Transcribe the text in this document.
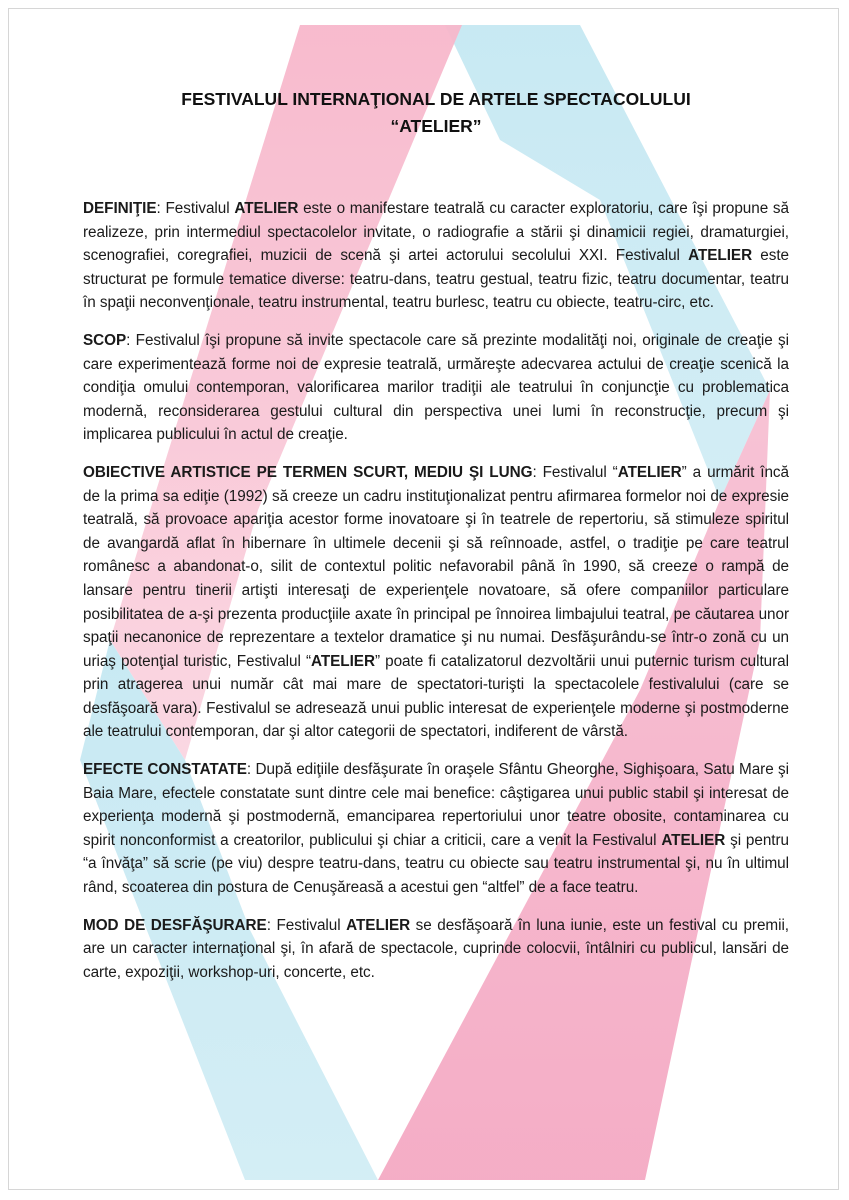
FESTIVALUL INTERNAŢIONAL DE ARTELE SPECTACOLULUI
“ATELIER”

DEFINIŢIE: Festivalul ATELIER este o manifestare teatrală cu caracter exploratoriu, care îşi propune să realizeze, prin intermediul spectacolelor invitate, o radiografie a stării şi dinamicii regiei, dramaturgiei, scenografiei, coregrafiei, muzicii de scenă şi artei actorului secolului XXI. Festivalul ATELIER este structurat pe formule tematice diverse: teatru-dans, teatru gestual, teatru fizic, teatru documentar, teatru în spaţii neconvenţionale, teatru instrumental, teatru burlesc, teatru cu obiecte, teatru-circ, etc.

SCOP: Festivalul îşi propune să invite spectacole care să prezinte modalităţi noi, originale de creaţie şi care experimentează forme noi de expresie teatrală, urmăreşte adecvarea actului de creaţie scenică la condiţia omului contemporan, valorificarea marilor tradiţii ale teatrului în conjuncţie cu problematica modernă, reconsiderarea gestului cultural din perspectiva unei lumi în reconstrucţie, precum şi implicarea publicului în actul de creaţie.

OBIECTIVE ARTISTICE PE TERMEN SCURT, MEDIU ŞI LUNG: Festivalul “ATELIER” a urmărit încă de la prima sa ediţie (1992) să creeze un cadru instituţionalizat pentru afirmarea formelor noi de expresie teatrală, să provoace apariţia acestor forme inovatoare şi în teatrele de repertoriu, să stimuleze spiritul de avangardă aflat în hibernare în ultimele decenii şi să reînnoade, astfel, o tradiţie pe care teatrul românesc a abandonat-o, silit de contextul politic nefavorabil până în 1990, să creeze o rampă de lansare pentru tinerii artişti interesaţi de experienţele novatoare, să ofere companiilor particulare posibilitatea de a-şi prezenta producţiile axate în principal pe înnoirea limbajului teatral, pe căutarea unor spaţii necanonice de reprezentare a textelor dramatice şi nu numai. Desfăşurându-se într-o zonă cu un uriaş potenţial turistic, Festivalul “ATELIER” poate fi catalizatorul dezvoltării unui puternic turism cultural prin atragerea unui număr cât mai mare de spectatori-turişti la spectacolele festivalului (care se desfăşoară vara). Festivalul se adresează unui public interesat de experienţele moderne şi postmoderne ale teatrului contemporan, dar şi altor categorii de spectatori, indiferent de vârstă.

EFECTE CONSTATATE: După ediţiile desfăşurate în oraşele Sfântu Gheorghe, Sighişoara, Satu Mare şi Baia Mare, efectele constatate sunt dintre cele mai benefice: câştigarea unui public stabil şi interesat de experienţa modernă şi postmodernă, emanciparea repertoriului unor teatre obosite, contaminarea cu spirit nonconformist a creatorilor, publicului şi chiar a criticii, care a venit la Festivalul ATELIER şi pentru “a învăţa” să scrie (pe viu) despre teatru-dans, teatru cu obiecte sau teatru instrumental şi, nu în ultimul rând, scoaterea din postura de Cenuşăreasă a acestui gen “altfel” de a face teatru.

MOD DE DESFĂŞURARE: Festivalul ATELIER se desfăşoară în luna iunie, este un festival cu premii, are un caracter internaţional şi, în afară de spectacole, cuprinde colocvii, întâlniri cu publicul, lansări de carte, expoziţii, workshop-uri, concerte, etc.
